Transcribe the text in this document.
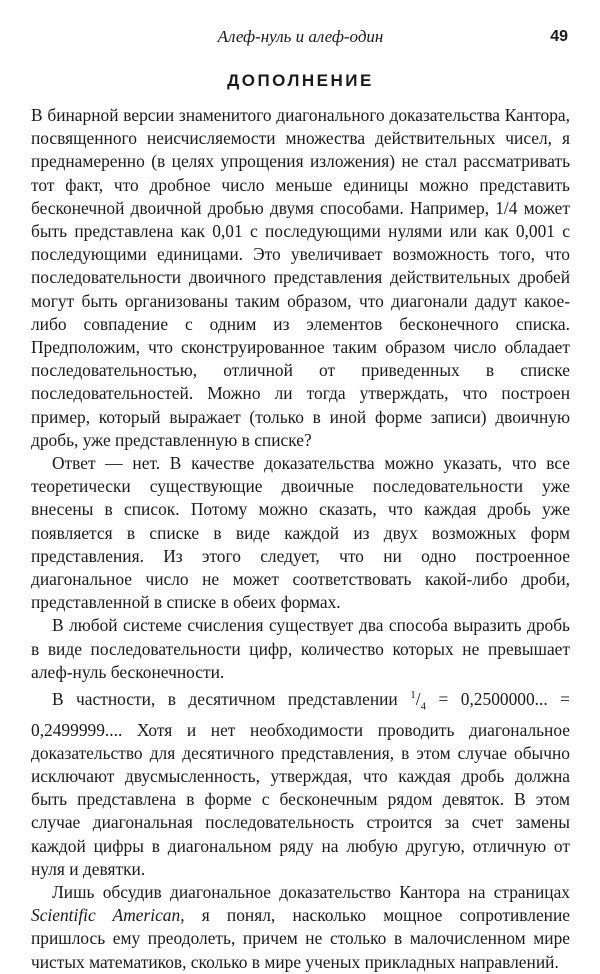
Алеф-нуль и алеф-один	49
ДОПОЛНЕНИЕ

В бинарной версии знаменитого диагонального доказательства Кантора, посвященного неисчисляемости множества действительных чисел, я преднамеренно (в целях упрощения изложения) не стал рассматривать тот факт, что дробное число меньше единицы можно представить бесконечной двоичной дробью двумя способами. Например, 1/4 может быть представлена как 0,01 с последующими нулями или как 0,001 с последующими единицами. Это увеличивает возможность того, что последовательности двоичного представления действительных дробей могут быть организованы таким образом, что диагонали дадут какое-либо совпадение с одним из элементов бесконечного списка. Предположим, что сконструированное таким образом число обладает последовательностью, отличной от приведенных в списке последовательностей. Можно ли тогда утверждать, что построен пример, который выражает (только в иной форме записи) двоичную дробь, уже представленную в списке?

Ответ — нет. В качестве доказательства можно указать, что все теоретически существующие двоичные последовательности уже внесены в список. Потому можно сказать, что каждая дробь уже появляется в списке в виде каждой из двух возможных форм представления. Из этого следует, что ни одно построенное диагональное число не может соответствовать какой-либо дроби, представленной в списке в обеих формах.

В любой системе счисления существует два способа выразить дробь в виде последовательности цифр, количество которых не превышает алеф-нуль бесконечности.

В частности, в десятичном представлении $^1/_4 = 0,2500000$... = 0,2499999.... Хотя и нет необходимости проводить диагональное доказательство для десятичного представления, в этом случае обычно исключают двусмысленность, утверждая, что каждая дробь должна быть представлена в форме с бесконечным рядом девяток. В этом случае диагональная последовательность строится за счет замены каждой цифры в диагональном ряду на любую другую, отличную от нуля и девятки.

Лишь обсудив диагональное доказательство Кантора на страницах Scientific American, я понял, насколько мощное сопротивление пришлось ему преодолеть, причем не столько в малочисленном мире чистых математиков, сколько в мире ученых прикладных направлений.
